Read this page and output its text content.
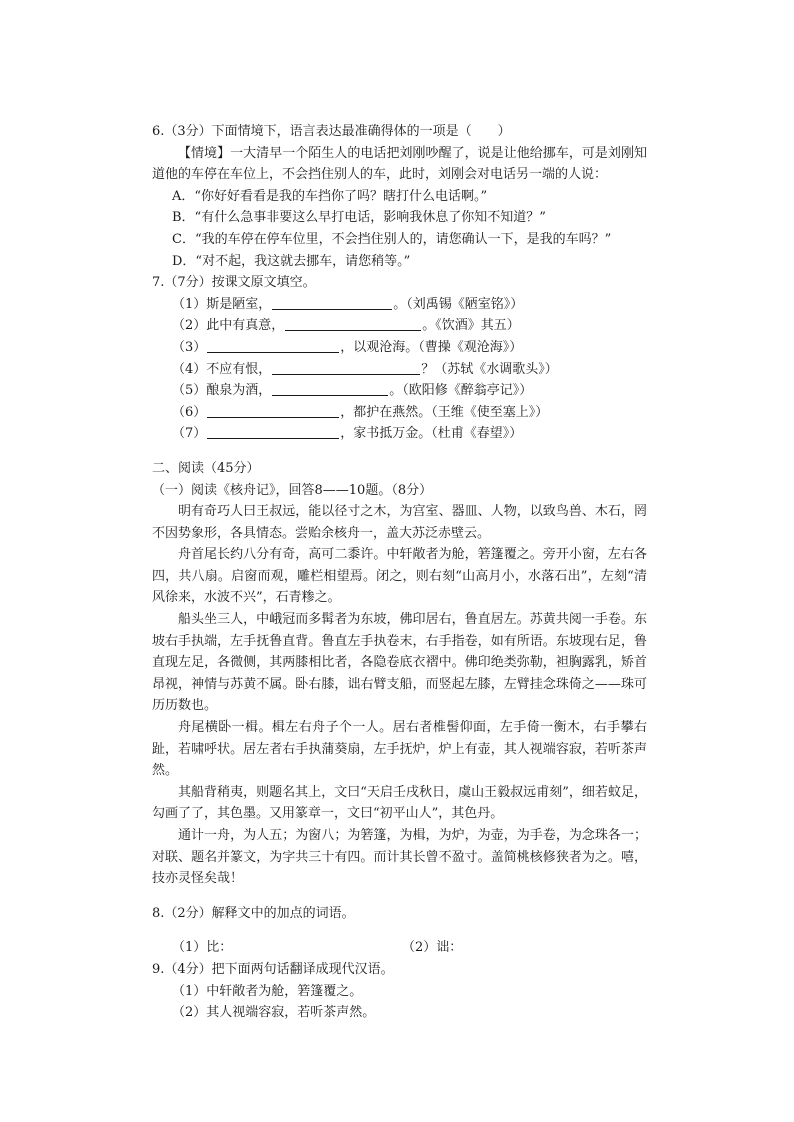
6.（3分）下面情境下，语言表达最准确得体的一项是（　　）
【情境】一大清早一个陌生人的电话把刘刚吵醒了，说是让他给挪车，可是刘刚知道他的车停在车位上，不会挡住别人的车，此时，刘刚会对电话另一端的人说：
A．“你好好看看是我的车挡你了吗？瞎打什么电话啊。”
B．“有什么急事非要这么早打电话，影响我休息了你知不知道？”
C．“我的车停在停车位里，不会挡住别人的，请您确认一下，是我的车吗？”
D．“对不起，我这就去挪车，请您稍等。”
7.（7分）按课文原文填空。
（1）斯是陋室，	。（刘禹锡《陋室铭》）
（2）此中有真意，	。《饮酒》其五）
（3）	，以观沧海。（曹操《观沧海》）
（4）不应有恨，	？（苏轼《水调歌头》）
（5）酿泉为酒，	。（欧阳修《醉翁亭记》）
（6）	，都护在燕然。（王维《使至塞上》）
（7）	，家书抵万金。（杜甫《春望》）
二、阅读（45分）
（一）阅读《核舟记》，回答8——10题。（8分）
明有奇巧人曰王叔远，能以径寸之木，为宫室、器皿、人物，以致鸟兽、木石，罔不因势象形，各具情态。尝贻余核舟一，盖大苏泛赤壁云。
舟首尾长约八分有奇，高可二黍许。中轩敞者为舱，箬篷覆之。旁开小窗，左右各四，共八扇。启窗而观，雕栏相望焉。闭之，则右刻“山高月小，水落石出”，左刻“清风徐来，水波不兴”，石青糁之。
船头坐三人，中峨冠而多髯者为东坡，佛印居右，鲁直居左。苏黄共阅一手卷。东坡右手执端，左手抚鲁直背。鲁直左手执卷末，右手指卷，如有所语。东坡现右足，鲁直现左足，各微侧，其两膝相比者，各隐卷底衣褶中。佛印绝类弥勒，袒胸露乳，矫首昂视，神情与苏黄不属。卧右膝，诎右臂支船，而竖起左膝，左臂挂念珠倚之——珠可历历数也。
舟尾横卧一楫。楫左右舟子个一人。居右者椎髻仰面，左手倚一衡木，右手攀右趾，若啸呼状。居左者右手执蒲葵扇，左手抚炉，炉上有壶，其人视端容寂，若听茶声然。
其船背稍夷，则题名其上，文曰“天启壬戌秋日，虞山王毅叔远甫刻”，细若蚊足，勾画了了，其色墨。又用篆章一，文曰“初平山人”，其色丹。
通计一舟，为人五；为窗八；为箬篷，为楫，为炉，为壶，为手卷，为念珠各一；对联、题名并篆文，为字共三十有四。而计其长曾不盈寸。盖简桃核修狭者为之。嘻，技亦灵怪矣哉！
8.（2分）解释文中的加点的词语。
（1）比：	（2）诎：
9.（4分）把下面两句话翻译成现代汉语。
（1）中轩敞者为舱，箬篷覆之。
（2）其人视端容寂，若听茶声然。
